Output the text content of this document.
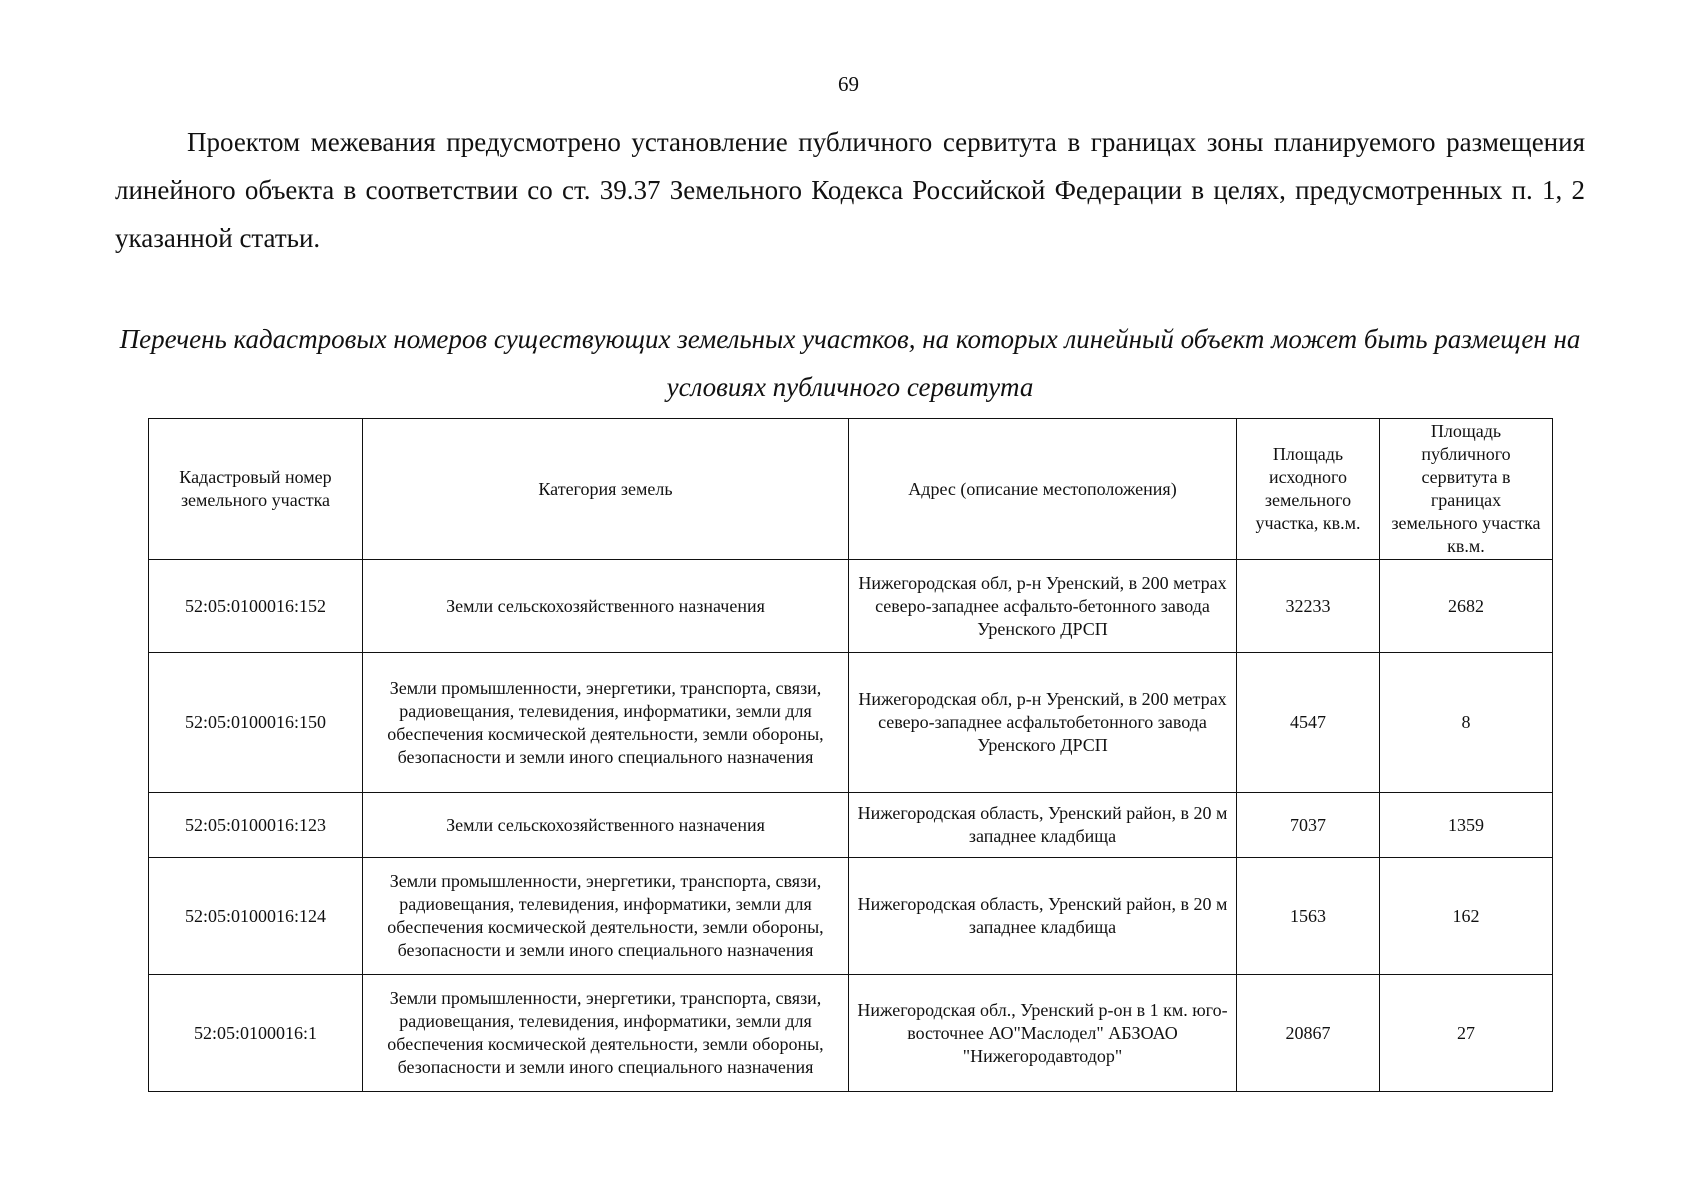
69

Проектом межевания предусмотрено установление публичного сервитута в границах зоны планируемого размещения линейного объекта в соответствии со ст. 39.37 Земельного Кодекса Российской Федерации в целях, предусмотренных п. 1, 2 указанной статьи.

Перечень кадастровых номеров существующих земельных участков, на которых линейный объект может быть размещен на условиях публичного сервитута

Кадастровый номер земельного участка	Категория земель	Адрес (описание местоположения)	Площадь исходного земельного участка, кв.м.	Площадь публичного сервитута в границах земельного участка кв.м.
52:05:0100016:152	Земли сельскохозяйственного назначения	Нижегородская обл, р-н Уренский, в 200 метрах северо-западнее асфальто-бетонного завода Уренского ДРСП	32233	2682
52:05:0100016:150	Земли промышленности, энергетики, транспорта, связи, радиовещания, телевидения, информатики, земли для обеспечения космической деятельности, земли обороны, безопасности и земли иного специального назначения	Нижегородская обл, р-н Уренский, в 200 метрах северо-западнее асфальтобетонного завода Уренского ДРСП	4547	8
52:05:0100016:123	Земли сельскохозяйственного назначения	Нижегородская область, Уренский район, в 20 м западнее кладбища	7037	1359
52:05:0100016:124	Земли промышленности, энергетики, транспорта, связи, радиовещания, телевидения, информатики, земли для обеспечения космической деятельности, земли обороны, безопасности и земли иного специального назначения	Нижегородская область, Уренский район, в 20 м западнее кладбища	1563	162
52:05:0100016:1	Земли промышленности, энергетики, транспорта, связи, радиовещания, телевидения, информатики, земли для обеспечения космической деятельности, земли обороны, безопасности и земли иного специального назначения	Нижегородская обл., Уренский р-он в 1 км. юго-восточнее АО"Маслодел" АБЗОАО "Нижегородавтодор"	20867	27
